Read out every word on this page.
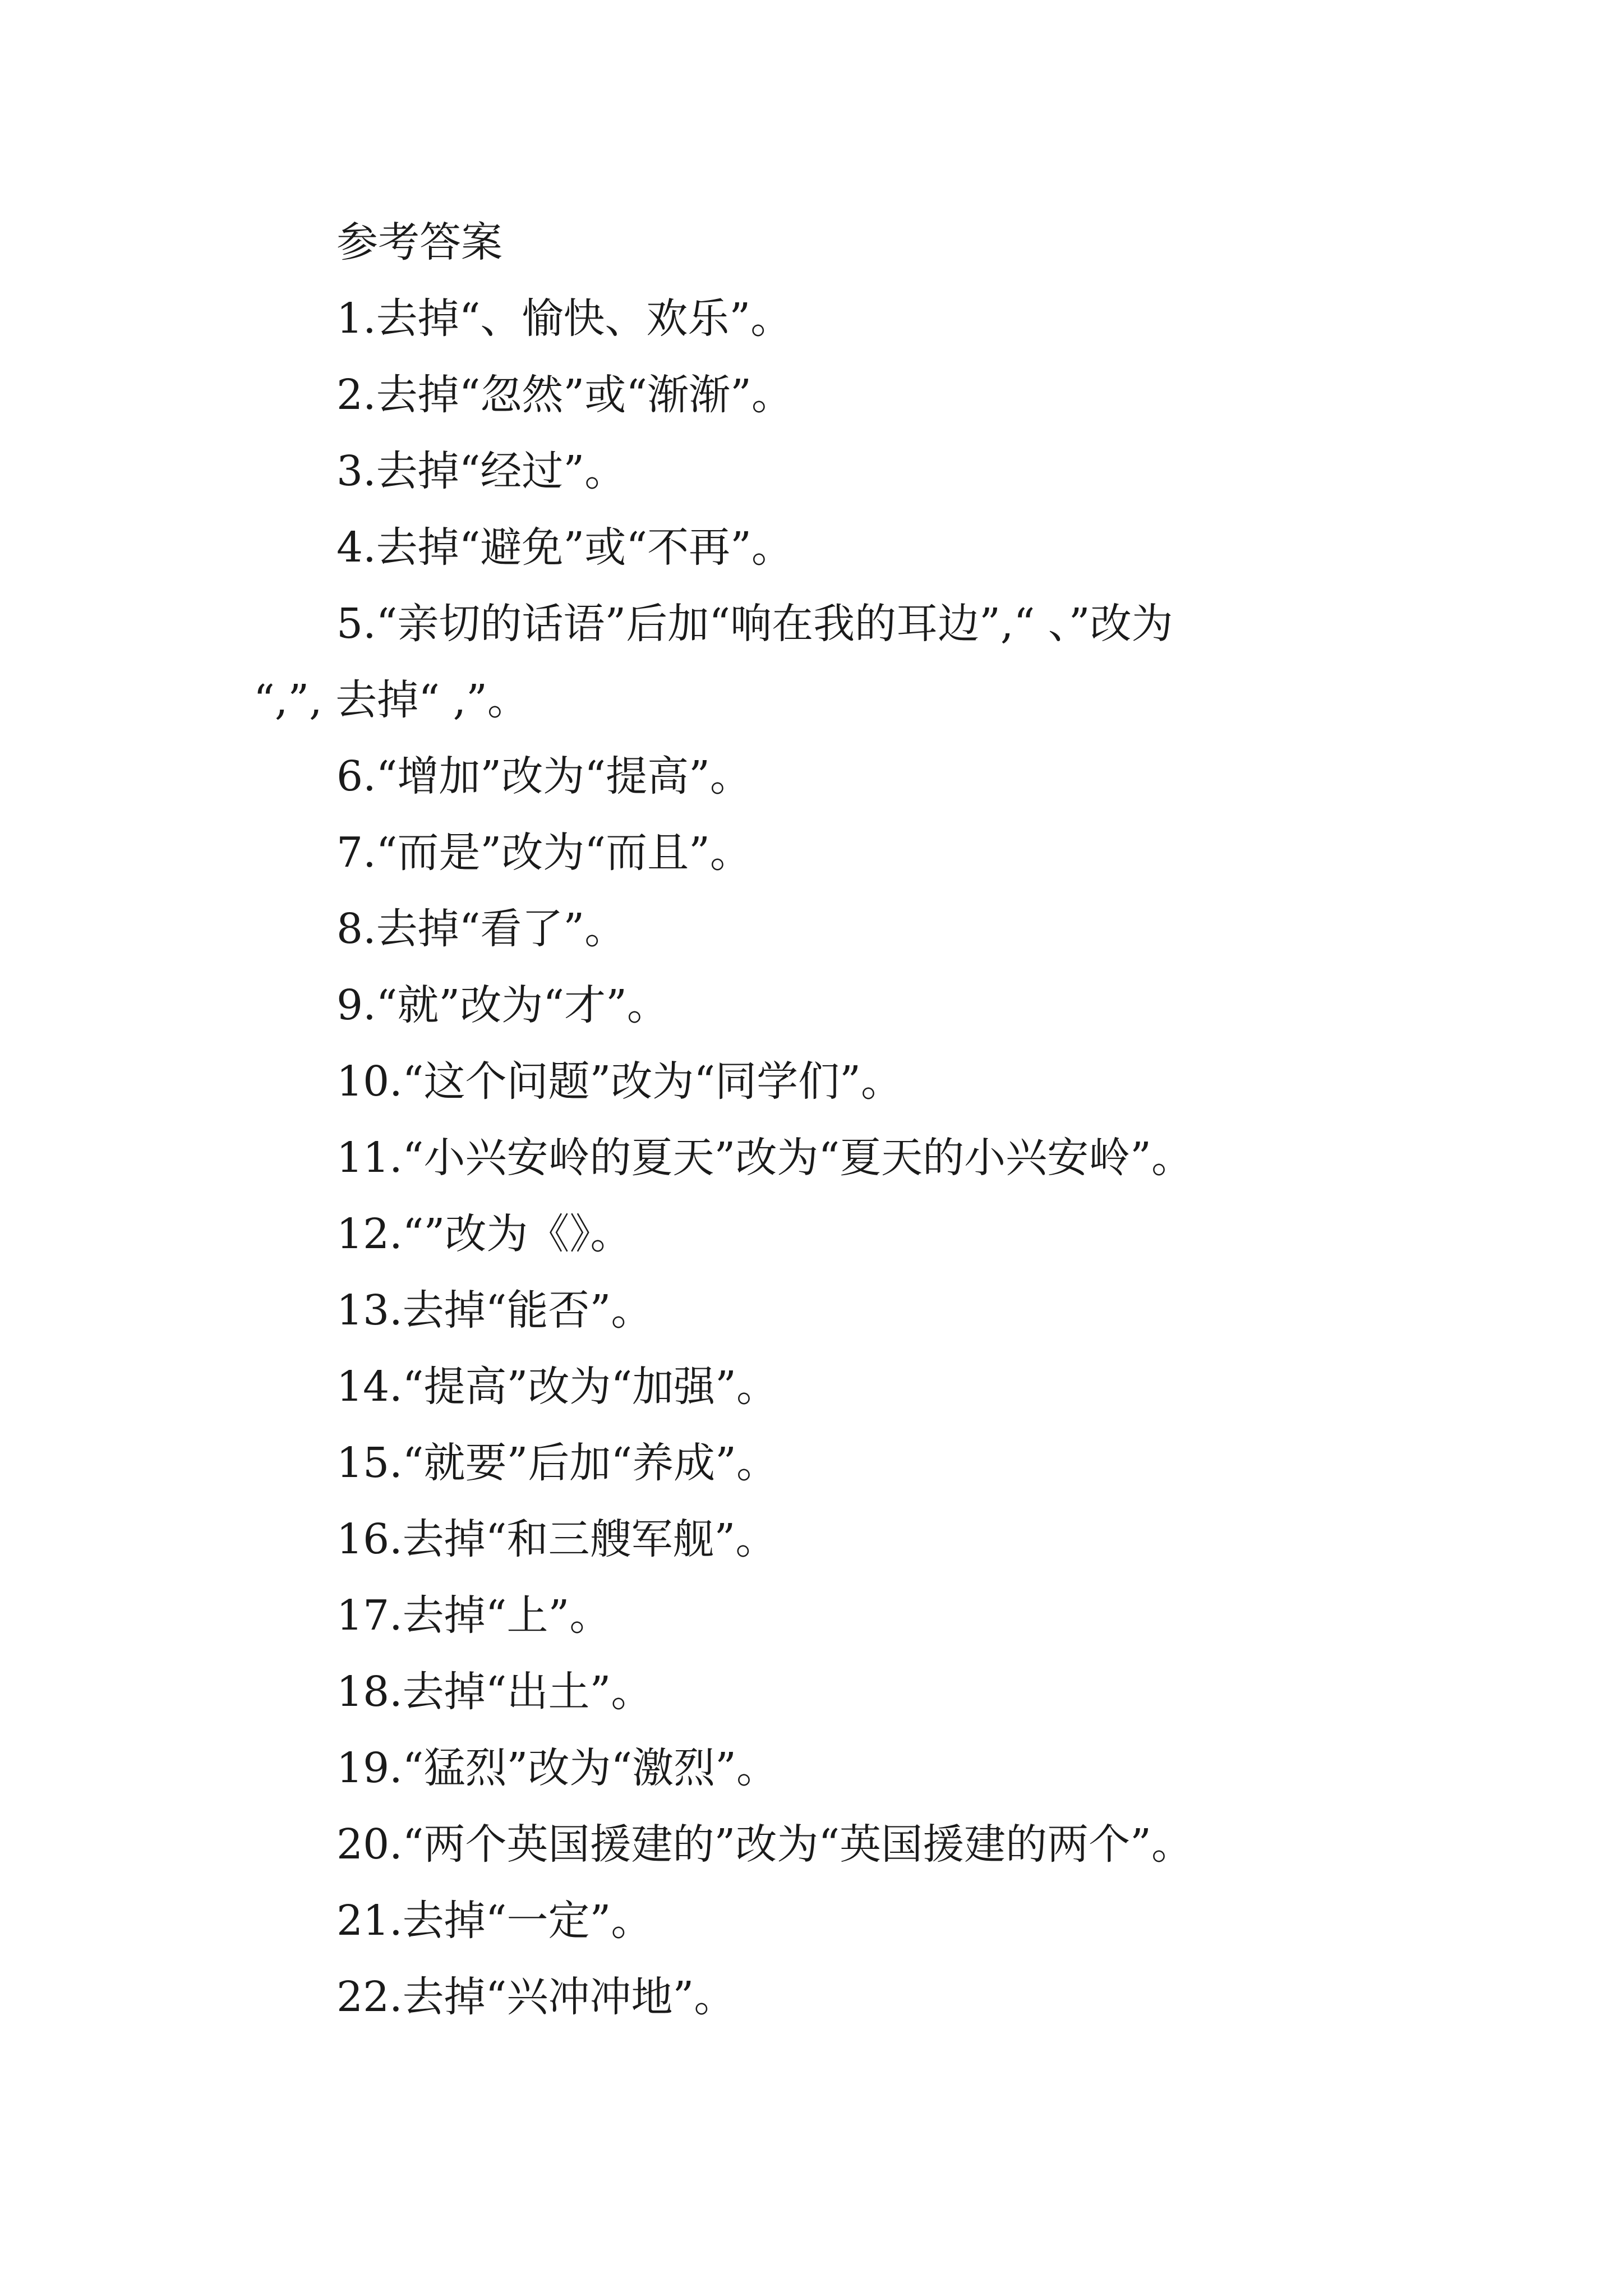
参考答案
1.去掉“、愉快、欢乐”。
2.去掉“忽然”或“渐渐”。
3.去掉“经过”。
4.去掉“避免”或“不再”。
5.“亲切的话语”后加“响在我的耳边”,“ 、”改为
“,”, 去掉“ ,”。
6.“增加”改为“提高”。
7.“而是”改为“而且”。
8.去掉“看了”。
9.“就”改为“才”。
10.“这个问题”改为“同学们”。
11.“小兴安岭的夏天”改为“夏天的小兴安岭”。
12.“”改为《》。
13.去掉“能否”。
14.“提高”改为“加强”。
15.“就要”后加“养成”。
16.去掉“和三艘军舰”。
17.去掉“上”。
18.去掉“出土”。
19.“猛烈”改为“激烈”。
20.“两个英国援建的”改为“英国援建的两个”。
21.去掉“一定”。
22.去掉“兴冲冲地”。
